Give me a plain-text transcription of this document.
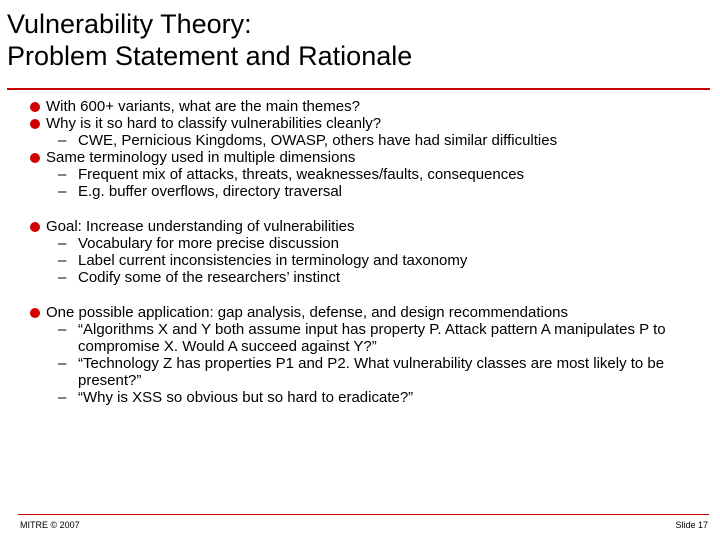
Vulnerability Theory:
Problem Statement and Rationale
With 600+ variants, what are the main themes?
Why is it so hard to classify vulnerabilities cleanly?
– CWE, Pernicious Kingdoms, OWASP, others have had similar difficulties
Same terminology used in multiple dimensions
– Frequent mix of attacks, threats, weaknesses/faults, consequences
– E.g. buffer overflows, directory traversal
Goal: Increase understanding of vulnerabilities
– Vocabulary for more precise discussion
– Label current inconsistencies in terminology and taxonomy
– Codify some of the researchers’ instinct
One possible application: gap analysis, defense, and design recommendations
– “Algorithms X and Y both assume input has property P. Attack pattern A manipulates P to compromise X. Would A succeed against Y?”
– “Technology Z has properties P1 and P2. What vulnerability classes are most likely to be present?”
– “Why is XSS so obvious but so hard to eradicate?”
MITRE © 2007	Slide 17
